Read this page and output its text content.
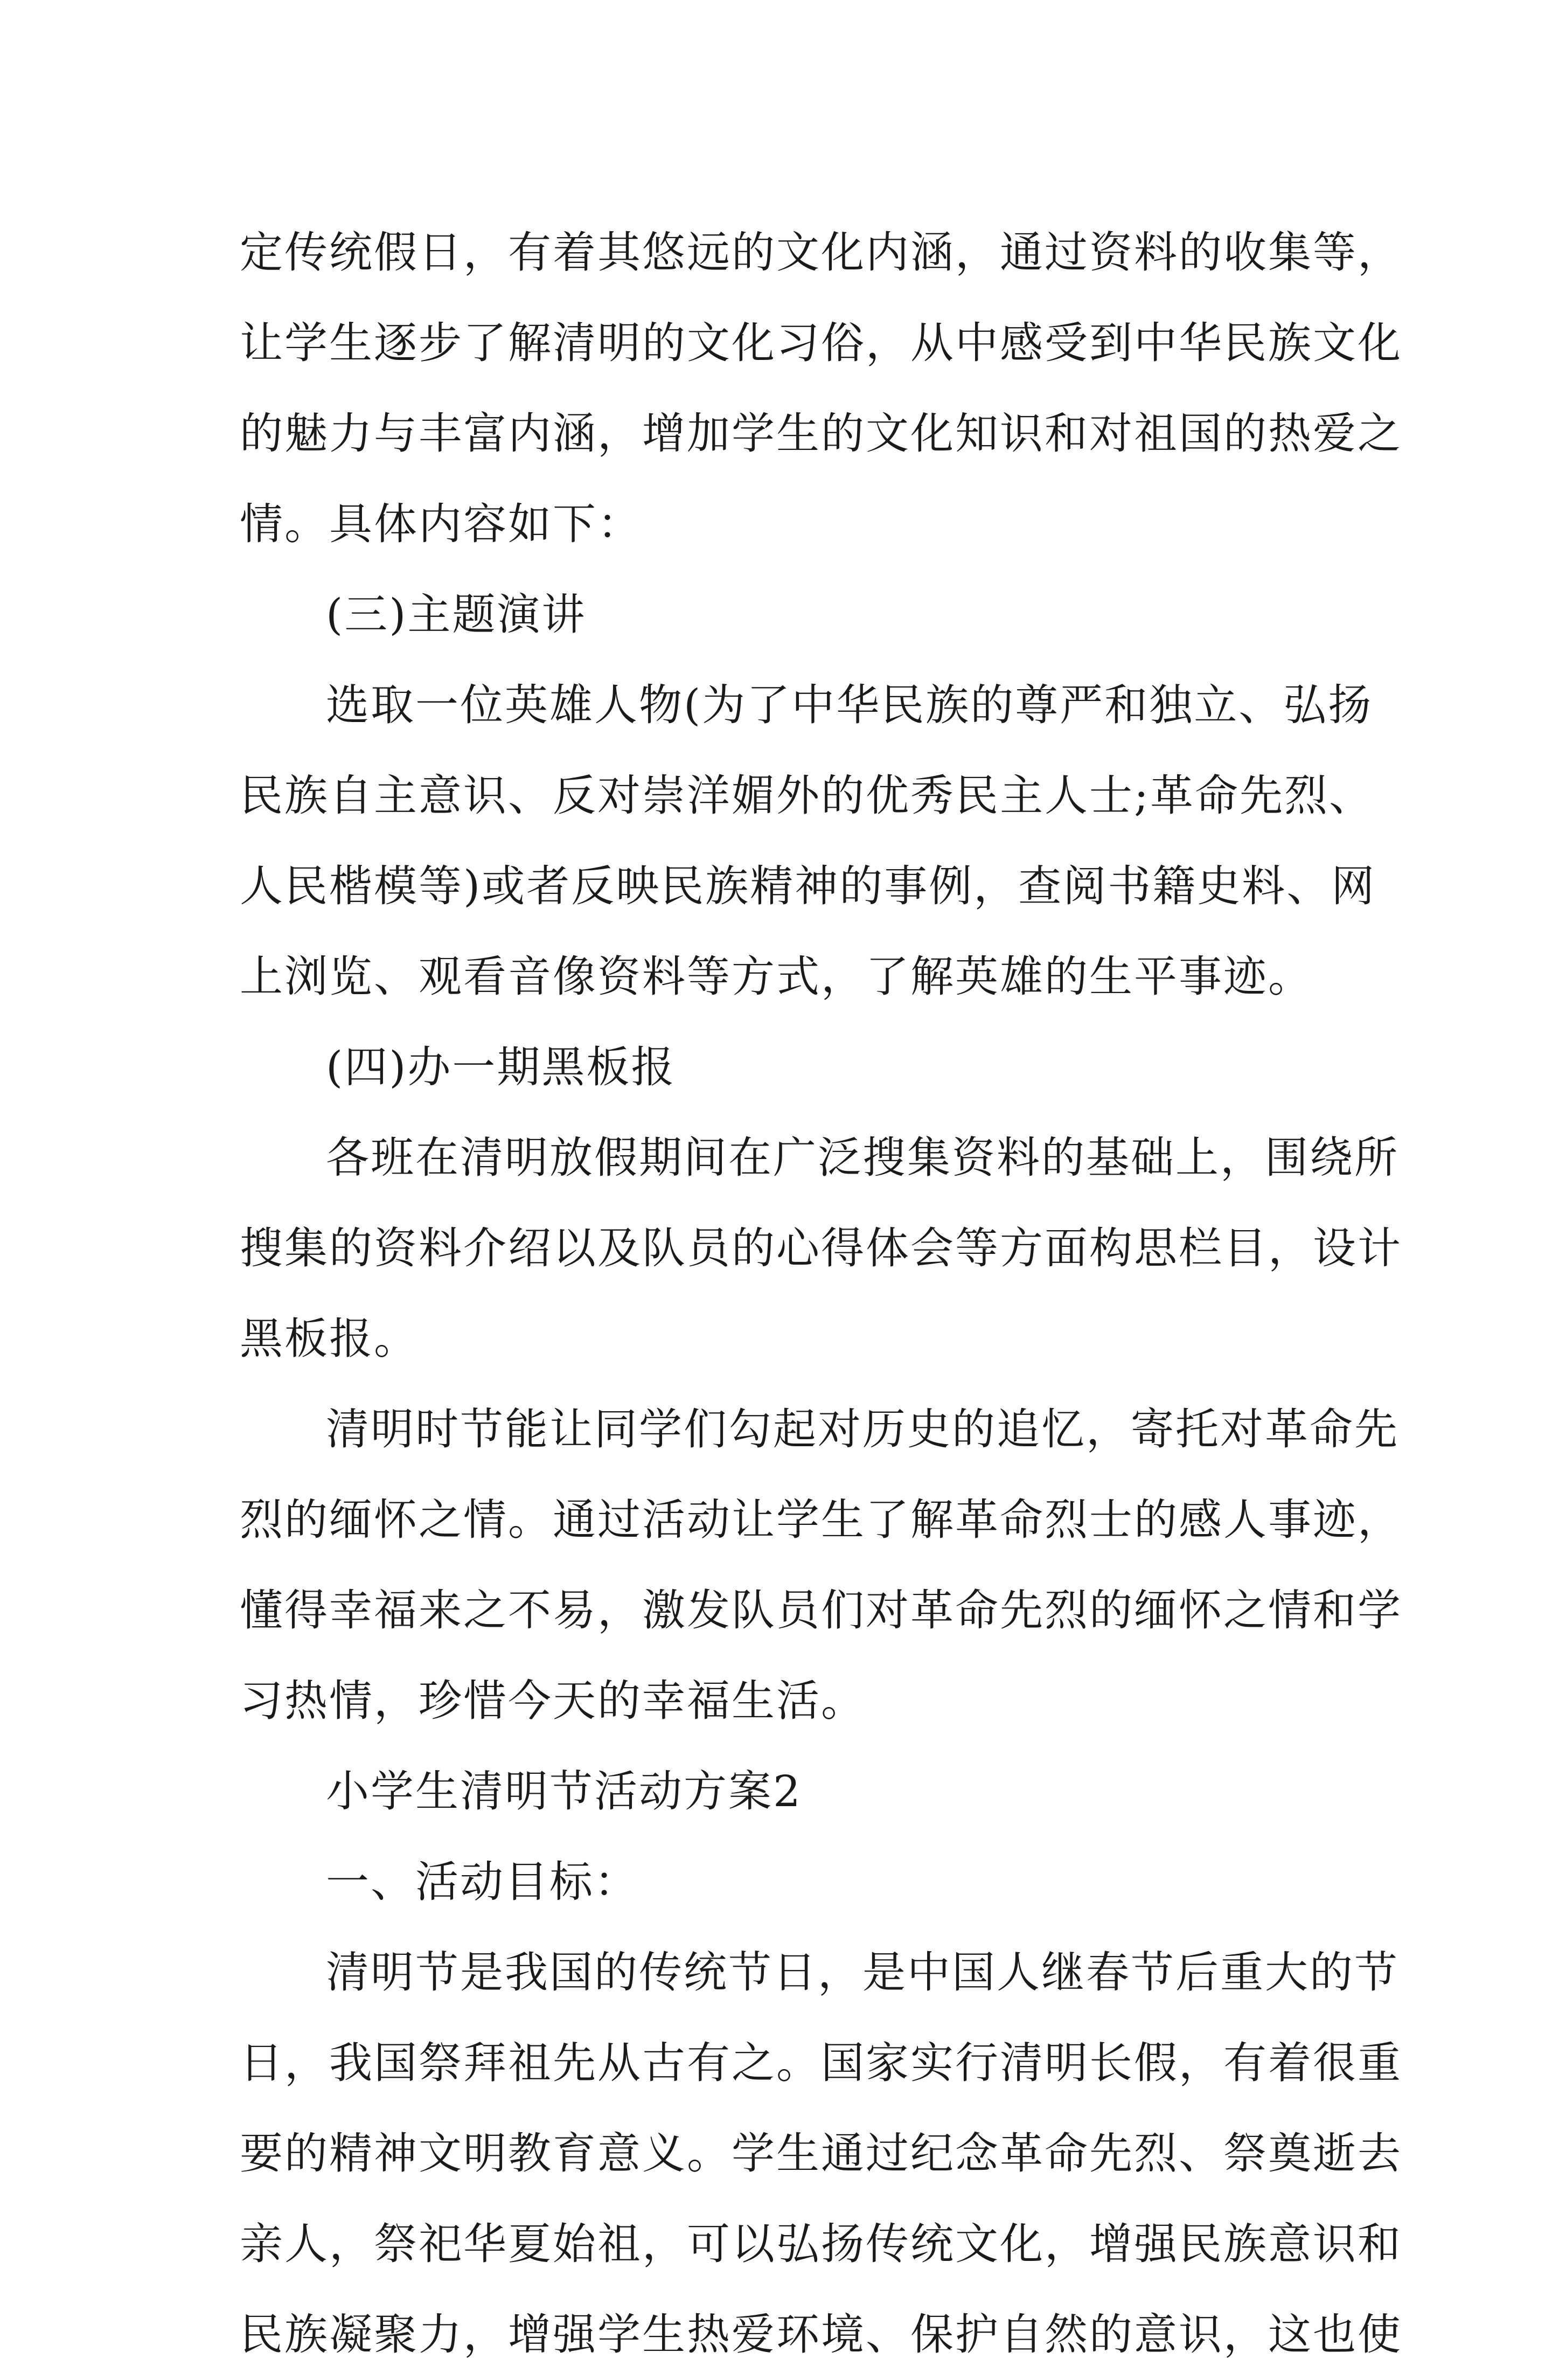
定传统假日，有着其悠远的文化内涵，通过资料的收集等，
让学生逐步了解清明的文化习俗，从中感受到中华民族文化
的魅力与丰富内涵，增加学生的文化知识和对祖国的热爱之
情。具体内容如下：
(三)主题演讲
选取一位英雄人物(为了中华民族的尊严和独立、弘扬
民族自主意识、反对崇洋媚外的优秀民主人士;革命先烈、
人民楷模等)或者反映民族精神的事例，查阅书籍史料、网
上浏览、观看音像资料等方式，了解英雄的生平事迹。
(四)办一期黑板报
各班在清明放假期间在广泛搜集资料的基础上，围绕所
搜集的资料介绍以及队员的心得体会等方面构思栏目，设计
黑板报。
清明时节能让同学们勾起对历史的追忆，寄托对革命先
烈的缅怀之情。通过活动让学生了解革命烈士的感人事迹，
懂得幸福来之不易，激发队员们对革命先烈的缅怀之情和学
习热情，珍惜今天的幸福生活。
小学生清明节活动方案2
一、活动目标：
清明节是我国的传统节日，是中国人继春节后重大的节
日，我国祭拜祖先从古有之。国家实行清明长假，有着很重
要的精神文明教育意义。学生通过纪念革命先烈、祭奠逝去
亲人，祭祀华夏始祖，可以弘扬传统文化，增强民族意识和
民族凝聚力，增强学生热爱环境、保护自然的意识，这也使
